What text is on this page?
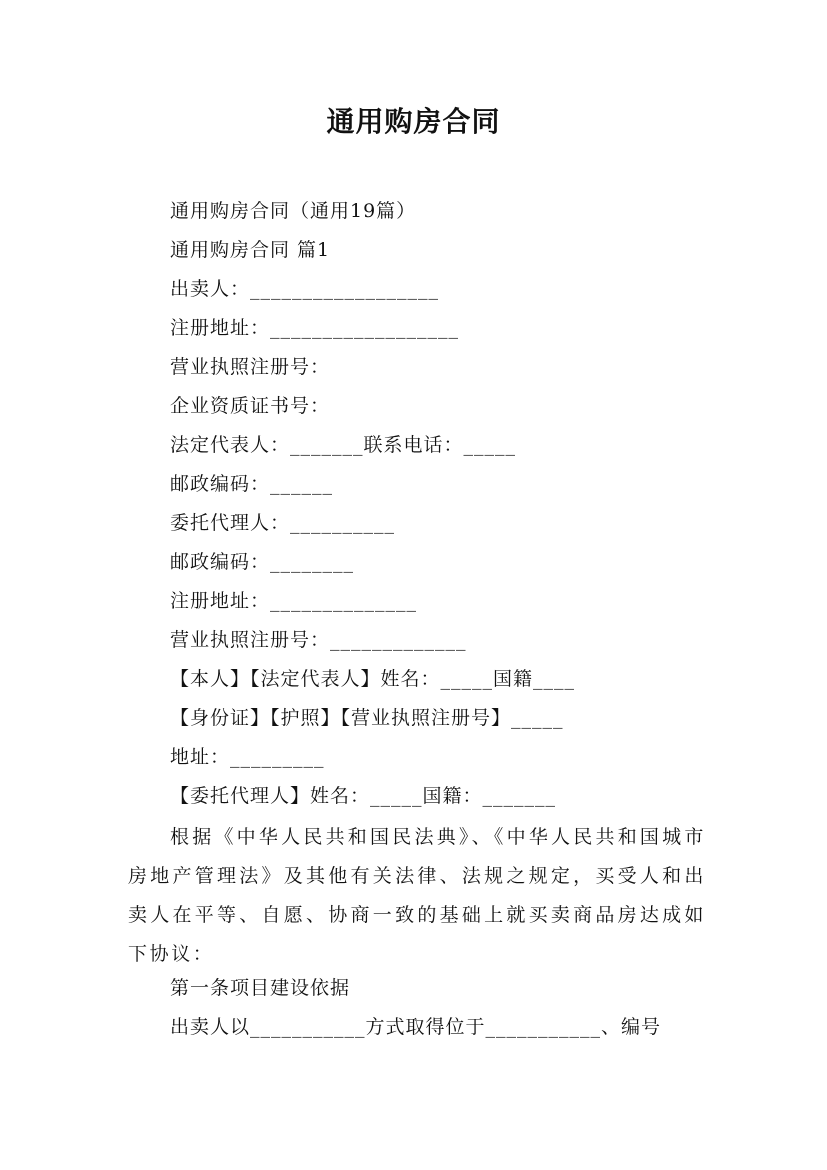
通用购房合同
通用购房合同（通用19篇）
通用购房合同 篇1
出卖人：__________________
注册地址：__________________
营业执照注册号：
企业资质证书号：
法定代表人：_______联系电话：_____
邮政编码：______
委托代理人：__________
邮政编码：________
注册地址：______________
营业执照注册号：_____________
【本人】【法定代表人】姓名：_____国籍____
【身份证】【护照】【营业执照注册号】_____
地址：_________
【委托代理人】姓名：_____国籍：_______
根据《中华人民共和国民法典》、《中华人民共和国城市房地产管理法》及其他有关法律、法规之规定，买受人和出卖人在平等、自愿、协商一致的基础上就买卖商品房达成如下协议：
第一条项目建设依据
出卖人以___________方式取得位于___________、编号
